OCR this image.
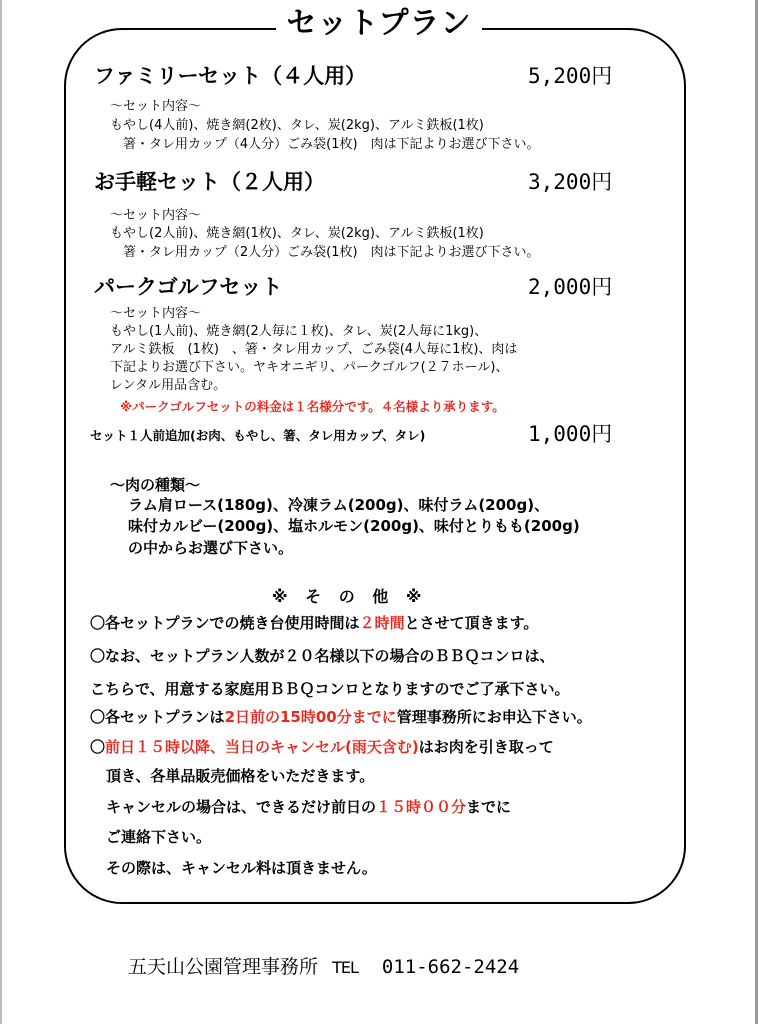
セットプラン
ファミリーセット（４人用）	5,200円
～セット内容～
もやし(4人前)、焼き網(2枚)、タレ、炭(2kg)、アルミ鉄板(1枚)
　箸・タレ用カップ（4人分）ごみ袋(1枚)　肉は下記よりお選び下さい。
お手軽セット（２人用）	3,200円
～セット内容～
もやし(2人前)、焼き網(1枚)、タレ、炭(2kg)、アルミ鉄板(1枚)
　箸・タレ用カップ（2人分）ごみ袋(1枚)　肉は下記よりお選び下さい。
パークゴルフセット	2,000円
～セット内容～
もやし(1人前)、焼き網(2人毎に１枚)、タレ、炭(2人毎に1kg)、
アルミ鉄板　(1枚)　、箸・タレ用カップ、ごみ袋(4人毎に1枚)、肉は
下記よりお選び下さい。ヤキオニギリ、パークゴルフ(２７ホール)、
レンタル用品含む。
※パークゴルフセットの料金は１名様分です。４名様より承ります。
セット１人前追加(お肉、もやし、箸、タレ用カップ、タレ)	1,000円
～肉の種類～
ラム肩ロース(180g)、冷凍ラム(200g)、味付ラム(200g)、
味付カルビー(200g)、塩ホルモン(200g)、味付とりもも(200g)
の中からお選び下さい。
※ そ の 他 ※
〇各セットプランでの焼き台使用時間は２時間とさせて頂きます。
〇なお、セットプラン人数が２０名様以下の場合のＢＢＱコンロは、
こちらで、用意する家庭用ＢＢＱコンロとなりますのでご了承下さい。
〇各セットプランは2日前の15時00分までに管理事務所にお申込下さい。
〇前日１５時以降、当日のキャンセル(雨天含む)はお肉を引き取って
頂き、各単品販売価格をいただきます。
キャンセルの場合は、できるだけ前日の１５時００分までに
ご連絡下さい。
その際は、キャンセル料は頂きません。
五天山公園管理事務所 TEL 011-662-2424
